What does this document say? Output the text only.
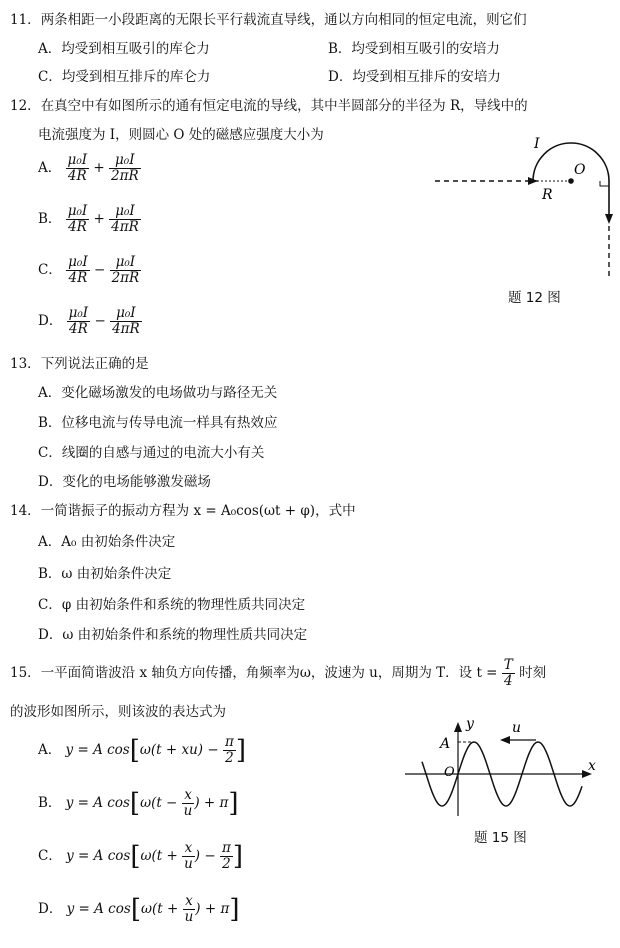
11．两条相距一小段距离的无限长平行载流直导线，通以方向相同的恒定电流，则它们
A．均受到相互吸引的库仑力	B．均受到相互吸引的安培力
C．均受到相互排斥的库仑力	D．均受到相互排斥的安培力
12．在真空中有如图所示的通有恒定电流的导线，其中半圆部分的半径为 R，导线中的
电流强度为 I，则圆心 O 处的磁感应强度大小为
A． $\frac{\text{μ₀I}}{4R} + \frac{\text{μ₀I}}{2\pi R}$
B． $\frac{\text{μ₀I}}{4R} + \frac{\text{μ₀I}}{4\pi R}$
C． $\frac{\text{μ₀I}}{4R} - \frac{\text{μ₀I}}{2\pi R}$
D． $\frac{\text{μ₀I}}{4R} - \frac{\text{μ₀I}}{4\pi R}$
I
O
R
题 12 图
13．下列说法正确的是
A．变化磁场激发的电场做功与路径无关
B．位移电流与传导电流一样具有热效应
C．线圈的自感与通过的电流大小有关
D．变化的电场能够激发磁场
14．一简谐振子的振动方程为 x = A₀cos(ωt + φ)，式中
A．A₀ 由初始条件决定
B．ω 由初始条件决定
C．φ 由初始条件和系统的物理性质共同决定
D．ω 由初始条件和系统的物理性质共同决定
15．一平面简谐波沿 x 轴负方向传播，角频率为ω，波速为 u，周期为 T．设 $t = \frac{T}{4}$ 时刻
的波形如图所示，则该波的表达式为
A． y = A $\cos[\omega(t + xu) - \frac{\pi}{2}$ ]
B． y = A $\cos[\omega(t - \frac{x}{u}$ ) + π]
C． y = A $\cos[\omega(t + \frac{x}{u}$ ) − $\frac{\pi}{2}$ ]
D． y = A $\cos[\omega(t + \frac{x}{u}$ ) + π]
y
x
u
A
O
题 15 图
